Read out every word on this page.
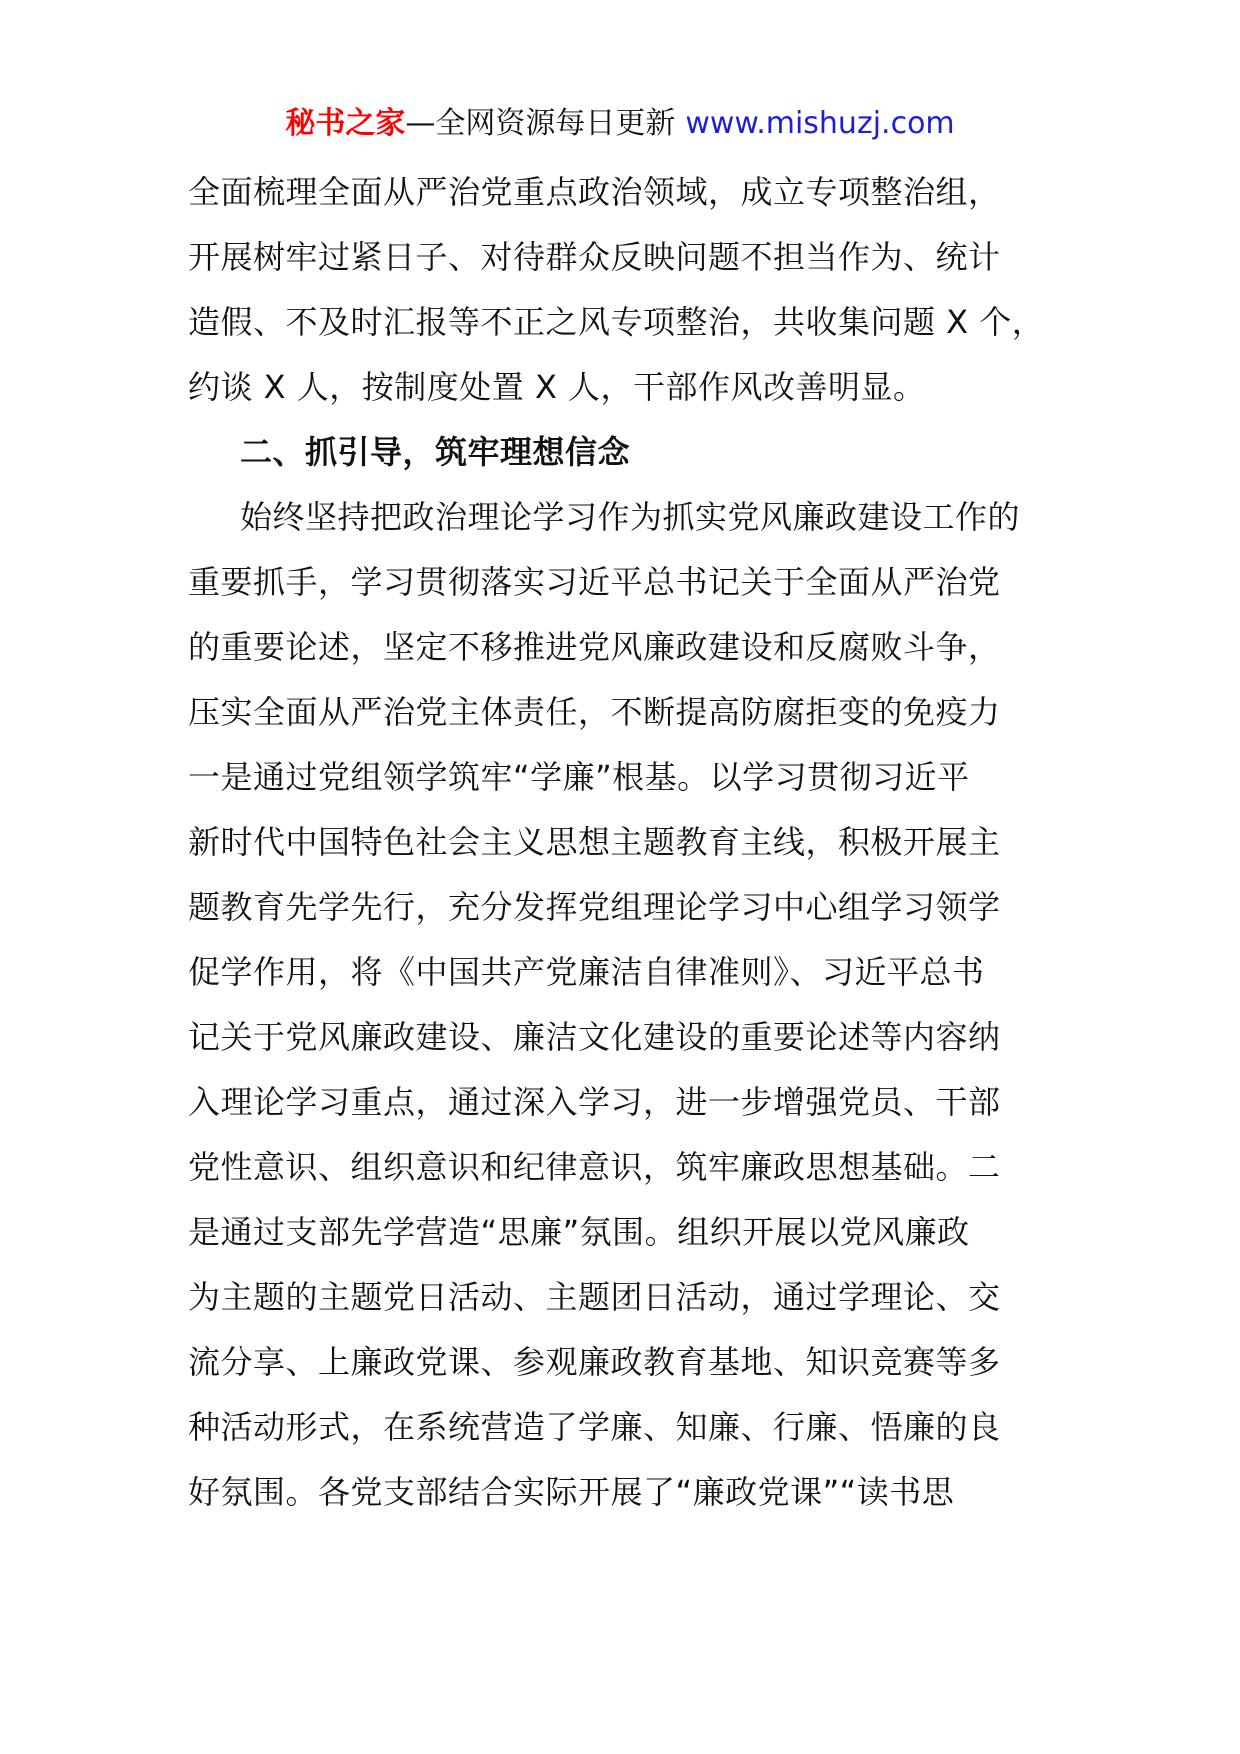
秘书之家—全网资源每日更新 www.mishuzj.com
全面梳理全面从严治党重点政治领域，成立专项整治组，
开展树牢过紧日子、对待群众反映问题不担当作为、统计
造假、不及时汇报等不正之风专项整治，共收集问题 X 个，
约谈 X 人，按制度处置 X 人，干部作风改善明显。
二、抓引导，筑牢理想信念
始终坚持把政治理论学习作为抓实党风廉政建设工作的
重要抓手，学习贯彻落实习近平总书记关于全面从严治党
的重要论述，坚定不移推进党风廉政建设和反腐败斗争，
压实全面从严治党主体责任，不断提高防腐拒变的免疫力
一是通过党组领学筑牢“学廉”根基。以学习贯彻习近平
新时代中国特色社会主义思想主题教育主线，积极开展主
题教育先学先行，充分发挥党组理论学习中心组学习领学
促学作用，将《中国共产党廉洁自律准则》、习近平总书
记关于党风廉政建设、廉洁文化建设的重要论述等内容纳
入理论学习重点，通过深入学习，进一步增强党员、干部
党性意识、组织意识和纪律意识，筑牢廉政思想基础。二
是通过支部先学营造“思廉”氛围。组织开展以党风廉政
为主题的主题党日活动、主题团日活动，通过学理论、交
流分享、上廉政党课、参观廉政教育基地、知识竞赛等多
种活动形式，在系统营造了学廉、知廉、行廉、悟廉的良
好氛围。各党支部结合实际开展了“廉政党课”“读书思
